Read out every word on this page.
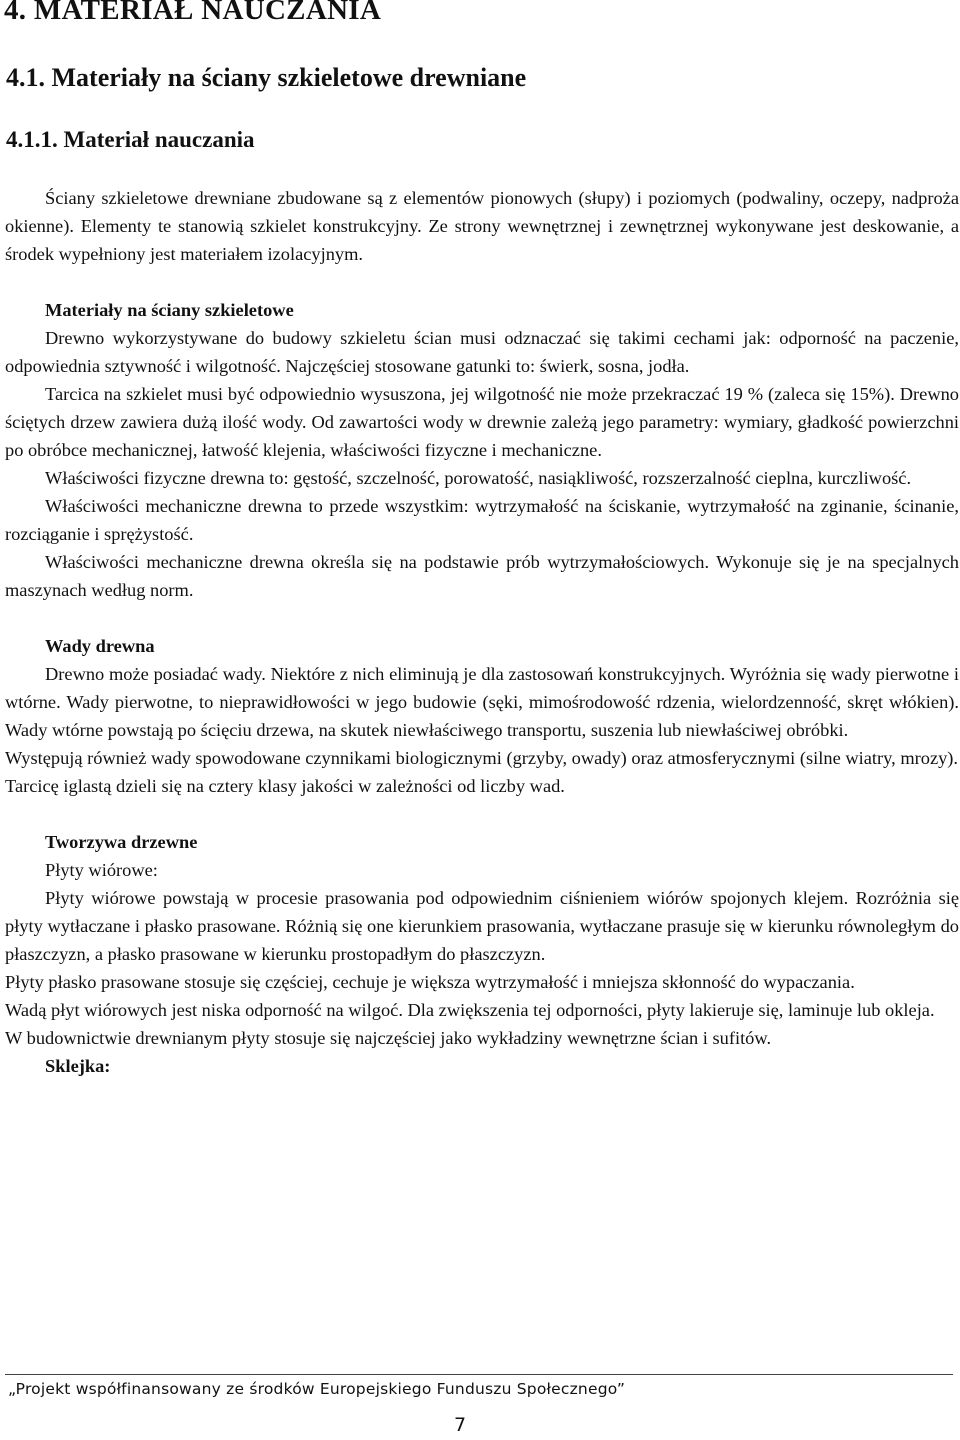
4. MATERIAŁ NAUCZANIA
4.1. Materiały na ściany szkieletowe drewniane
4.1.1. Materiał nauczania

Ściany szkieletowe drewniane zbudowane są z elementów pionowych (słupy) i poziomych (podwaliny, oczepy, nadproża okienne). Elementy te stanowią szkielet konstrukcyjny. Ze strony wewnętrznej i zewnętrznej wykonywane jest deskowanie, a środek wypełniony jest materiałem izolacyjnym.

Materiały na ściany szkieletowe

Drewno wykorzystywane do budowy szkieletu ścian musi odznaczać się takimi cechami jak: odporność na paczenie, odpowiednia sztywność i wilgotność. Najczęściej stosowane gatunki to: świerk, sosna, jodła.

Tarcica na szkielet musi być odpowiednio wysuszona, jej wilgotność nie może przekraczać 19 % (zaleca się 15%). Drewno ściętych drzew zawiera dużą ilość wody. Od zawartości wody w drewnie zależą jego parametry: wymiary, gładkość powierzchni po obróbce mechanicznej, łatwość klejenia, właściwości fizyczne i mechaniczne.

Właściwości fizyczne drewna to: gęstość, szczelność, porowatość, nasiąkliwość, rozszerzalność cieplna, kurczliwość.

Właściwości mechaniczne drewna to przede wszystkim: wytrzymałość na ściskanie, wytrzymałość na zginanie, ścinanie, rozciąganie i sprężystość.

Właściwości mechaniczne drewna określa się na podstawie prób wytrzymałościowych. Wykonuje się je na specjalnych maszynach według norm.

Wady drewna

Drewno może posiadać wady. Niektóre z nich eliminują je dla zastosowań konstrukcyjnych. Wyróżnia się wady pierwotne i wtórne. Wady pierwotne, to nieprawidłowości w jego budowie (sęki, mimośrodowość rdzenia, wielordzenność, skręt włókien). Wady wtórne powstają po ścięciu drzewa, na skutek niewłaściwego transportu, suszenia lub niewłaściwej obróbki.

Występują również wady spowodowane czynnikami biologicznymi (grzyby, owady) oraz atmosferycznymi (silne wiatry, mrozy).

Tarcicę iglastą dzieli się na cztery klasy jakości w zależności od liczby wad.

Tworzywa drzewne

Płyty wiórowe:

Płyty wiórowe powstają w procesie prasowania pod odpowiednim ciśnieniem wiórów spojonych klejem. Rozróżnia się płyty wytłaczane i płasko prasowane. Różnią się one kierunkiem prasowania, wytłaczane prasuje się w kierunku równoległym do płaszczyzn, a płasko prasowane w kierunku prostopadłym do płaszczyzn.

Płyty płasko prasowane stosuje się częściej, cechuje je większa wytrzymałość i mniejsza skłonność do wypaczania.

Wadą płyt wiórowych jest niska odporność na wilgoć. Dla zwiększenia tej odporności, płyty lakieruje się, laminuje lub okleja.

W budownictwie drewnianym płyty stosuje się najczęściej jako wykładziny wewnętrzne ścian i sufitów.

Sklejka:

„Projekt współfinansowany ze środków Europejskiego Funduszu Społecznego”
7
